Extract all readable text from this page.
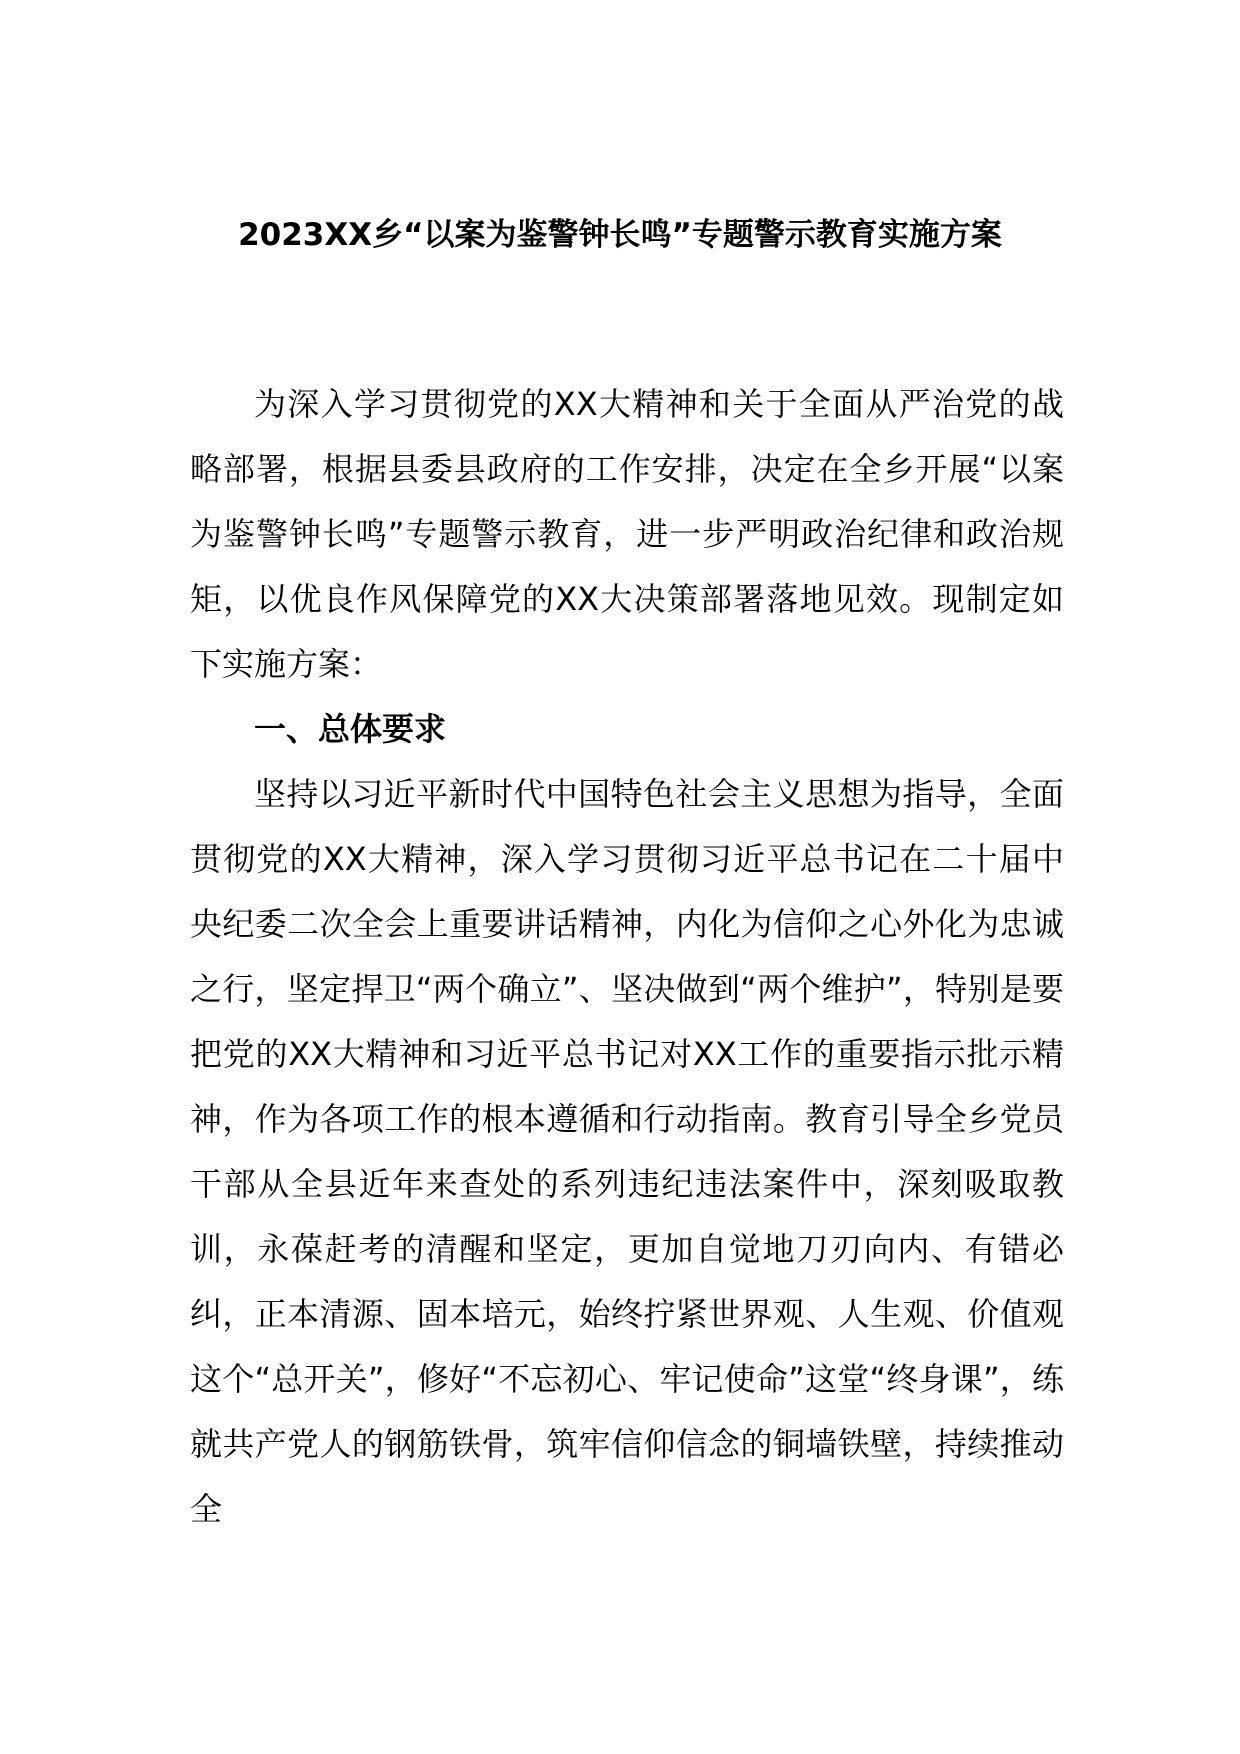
2023XX乡“以案为鉴警钟长鸣”专题警示教育实施方案

为深入学习贯彻党的XX大精神和关于全面从严治党的战略部署，根据县委县政府的工作安排，决定在全乡开展“以案为鉴警钟长鸣”专题警示教育，进一步严明政治纪律和政治规矩，以优良作风保障党的XX大决策部署落地见效。现制定如下实施方案：

一、总体要求

坚持以习近平新时代中国特色社会主义思想为指导，全面贯彻党的XX大精神，深入学习贯彻习近平总书记在二十届中央纪委二次全会上重要讲话精神，内化为信仰之心外化为忠诚之行，坚定捍卫“两个确立”、坚决做到“两个维护”，特别是要把党的XX大精神和习近平总书记对XX工作的重要指示批示精神，作为各项工作的根本遵循和行动指南。教育引导全乡党员干部从全县近年来查处的系列违纪违法案件中，深刻吸取教训，永葆赶考的清醒和坚定，更加自觉地刀刃向内、有错必纠，正本清源、固本培元，始终拧紧世界观、人生观、价值观这个“总开关”，修好“不忘初心、牢记使命”这堂“终身课”，练就共产党人的钢筋铁骨，筑牢信仰信念的铜墙铁壁，持续推动全
